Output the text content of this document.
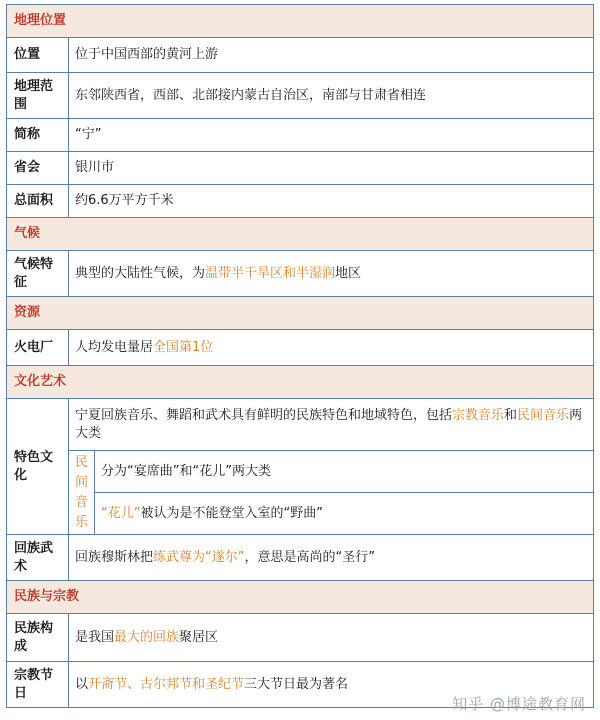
地理位置		
位置	位于中国西部的黄河上游	
地理范围	东邻陕西省，西部、北部接内蒙古自治区，南部与甘肃省相连	
简称	“宁”	
省会	银川市	
总面积	约6.6万平方千米	
气候		
气候特征	典型的大陆性气候，为温带半干旱区和半湿润地区	
资源		
火电厂	人均发电量居全国第1位	
文化艺术		
特色文化	宁夏回族音乐、舞蹈和武术具有鲜明的民族特色和地域特色，包括宗教音乐和民间音乐两大类	
	民间音乐	分为“宴席曲”和“花儿”两大类
		“花儿”被认为是不能登堂入室的“野曲”
回族武术	回族穆斯林把练武尊为“遂尔”，意思是高尚的“圣行”	
民族与宗教		
民族构成	是我国最大的回族聚居区	
宗教节日	以开斋节、古尔邦节和圣纪节三大节日最为著名	
知乎 @博途教育网
